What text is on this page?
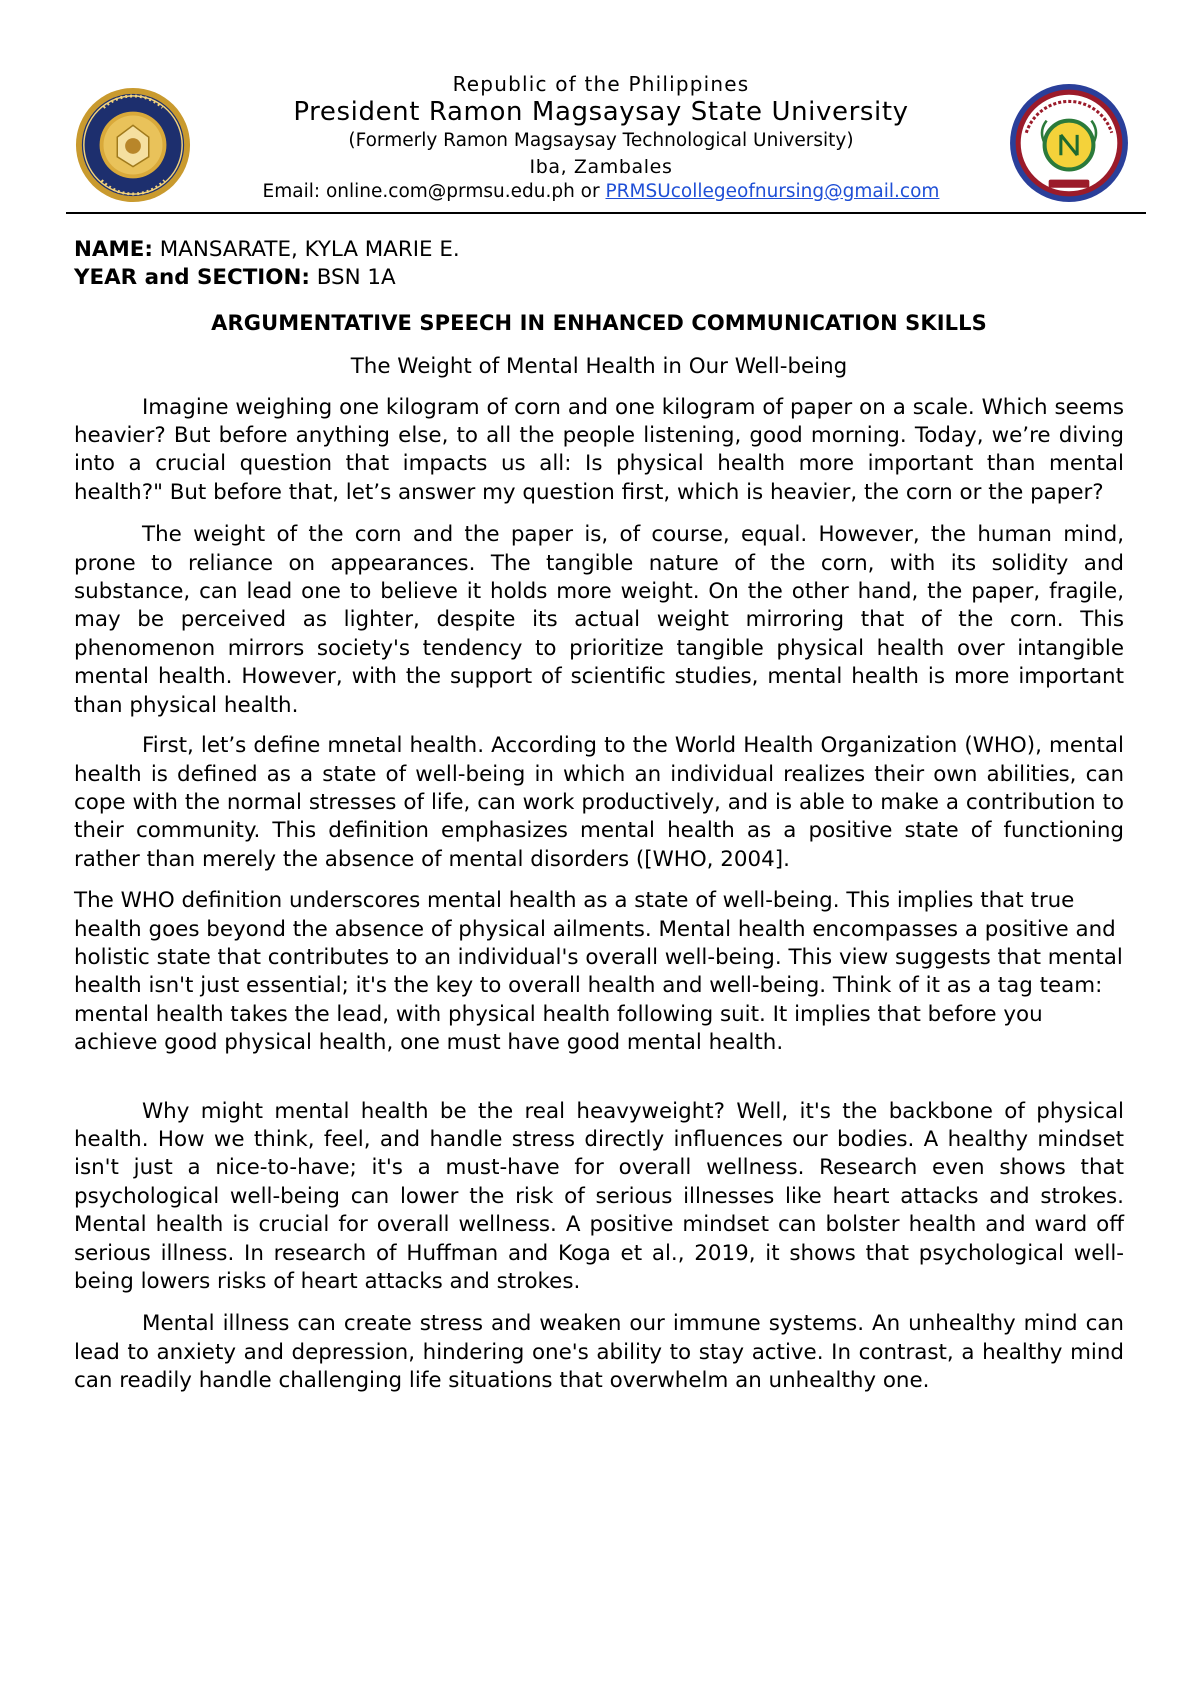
Republic of the Philippines
President Ramon Magsaysay State University
(Formerly Ramon Magsaysay Technological University)
Iba, Zambales
Email: online.com@prmsu.edu.ph or PRMSUcollegeofnursing@gmail.com

NAME: MANSARATE, KYLA MARIE E.

YEAR and SECTION: BSN 1A

ARGUMENTATIVE SPEECH IN ENHANCED COMMUNICATION SKILLS
The Weight of Mental Health in Our Well-being

Imagine weighing one kilogram of corn and one kilogram of paper on a scale. Which seems heavier? But before anything else, to all the people listening, good morning. Today, we’re diving into a crucial question that impacts us all: Is physical health more important than mental health?" But before that, let’s answer my question first, which is heavier, the corn or the paper?

The weight of the corn and the paper is, of course, equal. However, the human mind, prone to reliance on appearances. The tangible nature of the corn, with its solidity and substance, can lead one to believe it holds more weight. On the other hand, the paper, fragile, may be perceived as lighter, despite its actual weight mirroring that of the corn. This phenomenon mirrors society's tendency to prioritize tangible physical health over intangible mental health. However, with the support of scientific studies, mental health is more important than physical health.

First, let’s define mnetal health. According to the World Health Organization (WHO), mental health is defined as a state of well-being in which an individual realizes their own abilities, can cope with the normal stresses of life, can work productively, and is able to make a contribution to their community. This definition emphasizes mental health as a positive state of functioning rather than merely the absence of mental disorders ([WHO, 2004].

The WHO definition underscores mental health as a state of well-being. This implies that true health goes beyond the absence of physical ailments. Mental health encompasses a positive and holistic state that contributes to an individual's overall well-being. This view suggests that mental health isn't just essential; it's the key to overall health and well-being. Think of it as a tag team: mental health takes the lead, with physical health following suit. It implies that before you achieve good physical health, one must have good mental health.

Why might mental health be the real heavyweight? Well, it's the backbone of physical health. How we think, feel, and handle stress directly influences our bodies. A healthy mindset isn't just a nice-to-have; it's a must-have for overall wellness. Research even shows that psychological well-being can lower the risk of serious illnesses like heart attacks and strokes. Mental health is crucial for overall wellness. A positive mindset can bolster health and ward off serious illness. In research of Huffman and Koga et al., 2019, it shows that psychological well-being lowers risks of heart attacks and strokes.

Mental illness can create stress and weaken our immune systems. An unhealthy mind can lead to anxiety and depression, hindering one's ability to stay active. In contrast, a healthy mind can readily handle challenging life situations that overwhelm an unhealthy one.
